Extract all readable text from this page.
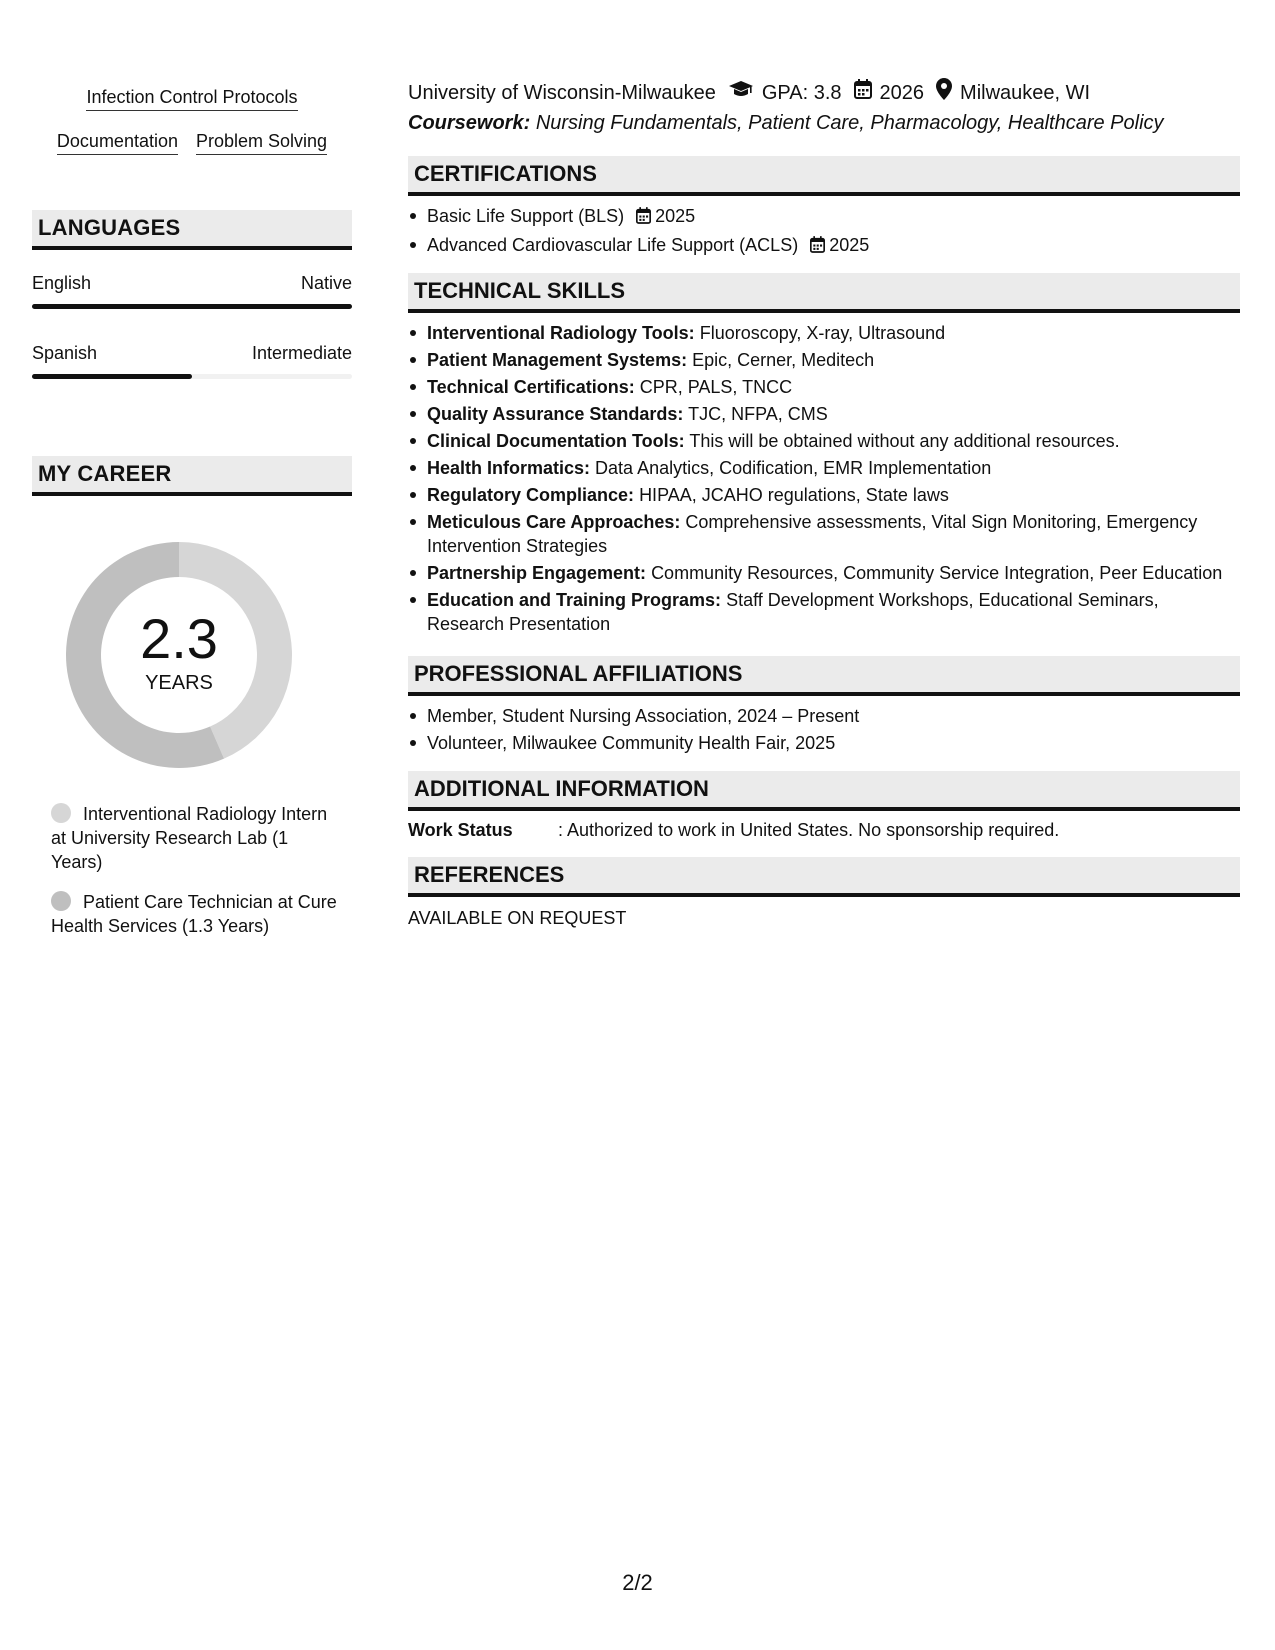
Infection Control Protocols
Documentation Problem Solving
LANGUAGES
English	Native
Spanish	Intermediate
MY CAREER
2.3
YEARS
Interventional Radiology Intern at University Research Lab (1 Years)
Patient Care Technician at Cure Health Services (1.3 Years)
University of Wisconsin-Milwaukee GPA: 3.8 2026 Milwaukee, WI
Coursework: Nursing Fundamentals, Patient Care, Pharmacology, Healthcare Policy
CERTIFICATIONS
Basic Life Support (BLS) 2025
Advanced Cardiovascular Life Support (ACLS) 2025
TECHNICAL SKILLS
Interventional Radiology Tools: Fluoroscopy, X-ray, Ultrasound
Patient Management Systems: Epic, Cerner, Meditech
Technical Certifications: CPR, PALS, TNCC
Quality Assurance Standards: TJC, NFPA, CMS
Clinical Documentation Tools: This will be obtained without any additional resources.
Health Informatics: Data Analytics, Codification, EMR Implementation
Regulatory Compliance: HIPAA, JCAHO regulations, State laws
Meticulous Care Approaches: Comprehensive assessments, Vital Sign Monitoring, Emergency Intervention Strategies
Partnership Engagement: Community Resources, Community Service Integration, Peer Education
Education and Training Programs: Staff Development Workshops, Educational Seminars, Research Presentation
PROFESSIONAL AFFILIATIONS
Member, Student Nursing Association, 2024 – Present
Volunteer, Milwaukee Community Health Fair, 2025
ADDITIONAL INFORMATION
Work Status	: Authorized to work in United States. No sponsorship required.
REFERENCES
AVAILABLE ON REQUEST
2/2
